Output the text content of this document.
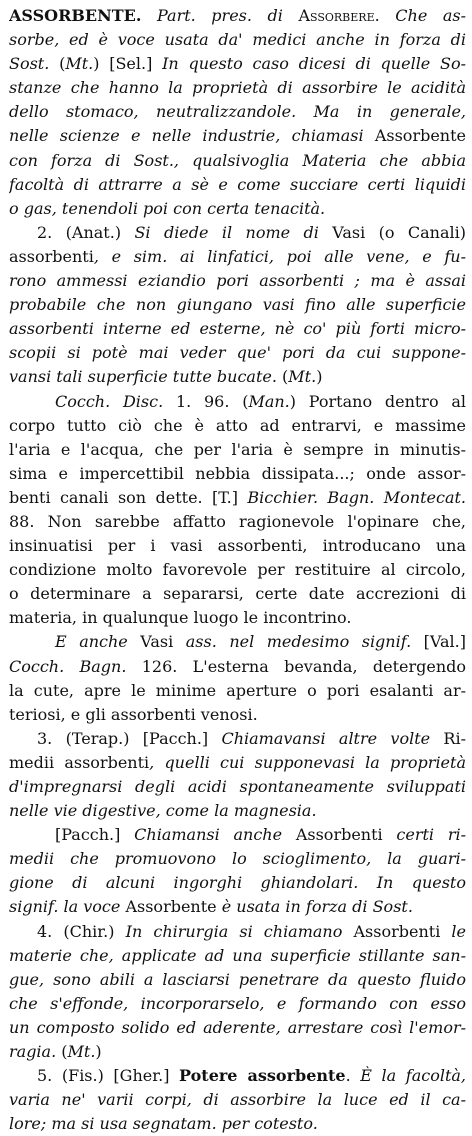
ASSORBENTE. Part. pres. di Assorbere. Che as-
sorbe, ed è voce usata da' medici anche in forza di
Sost. (Mt.) [Sel.] In questo caso dicesi di quelle So-
stanze che hanno la proprietà di assorbire le acidità
dello stomaco, neutralizzandole. Ma in generale,
nelle scienze e nelle industrie, chiamasi Assorbente
con forza di Sost., qualsivoglia Materia che abbia
facoltà di attrarre a sè e come succiare certi liquidi
o gas, tenendoli poi con certa tenacità.
2. (Anat.) Si diede il nome di Vasi (o Canali)
assorbenti, e sim. ai linfatici, poi alle vene, e fu-
rono ammessi eziandio pori assorbenti ; ma è assai
probabile che non giungano vasi fino alle superficie
assorbenti interne ed esterne, nè co' più forti micro-
scopii si potè mai veder que' pori da cui suppone-
vansi tali superficie tutte bucate. (Mt.)
Cocch. Disc. 1. 96. (Man.) Portano dentro al
corpo tutto ciò che è atto ad entrarvi, e massime
l'aria e l'acqua, che per l'aria è sempre in minutis-
sima e impercettibil nebbia dissipata...; onde assor-
benti canali son dette. [T.] Bicchier. Bagn. Montecat.
88. Non sarebbe affatto ragionevole l'opinare che,
insinuatisi per i vasi assorbenti, introducano una
condizione molto favorevole per restituire al circolo,
o determinare a separarsi, certe date accrezioni di
materia, in qualunque luogo le incontrino.
E anche Vasi ass. nel medesimo signif. [Val.]
Cocch. Bagn. 126. L'esterna bevanda, detergendo
la cute, apre le minime aperture o pori esalanti ar-
teriosi, e gli assorbenti venosi.
3. (Terap.) [Pacch.] Chiamavansi altre volte Ri-
medii assorbenti, quelli cui supponevasi la proprietà
d'impregnarsi degli acidi spontaneamente sviluppati
nelle vie digestive, come la magnesia.
[Pacch.] Chiamansi anche Assorbenti certi ri-
medii che promuovono lo scioglimento, la guari-
gione di alcuni ingorghi ghiandolari. In questo
signif. la voce Assorbente è usata in forza di Sost.
4. (Chir.) In chirurgia si chiamano Assorbenti le
materie che, applicate ad una superficie stillante san-
gue, sono abili a lasciarsi penetrare da questo fluido
che s'effonde, incorporarselo, e formando con esso
un composto solido ed aderente, arrestare così l'emor-
ragia. (Mt.)
5. (Fis.) [Gher.] Potere assorbente. È la facoltà,
varia ne' varii corpi, di assorbire la luce ed il ca-
lore; ma si usa segnatam. per cotesto.
